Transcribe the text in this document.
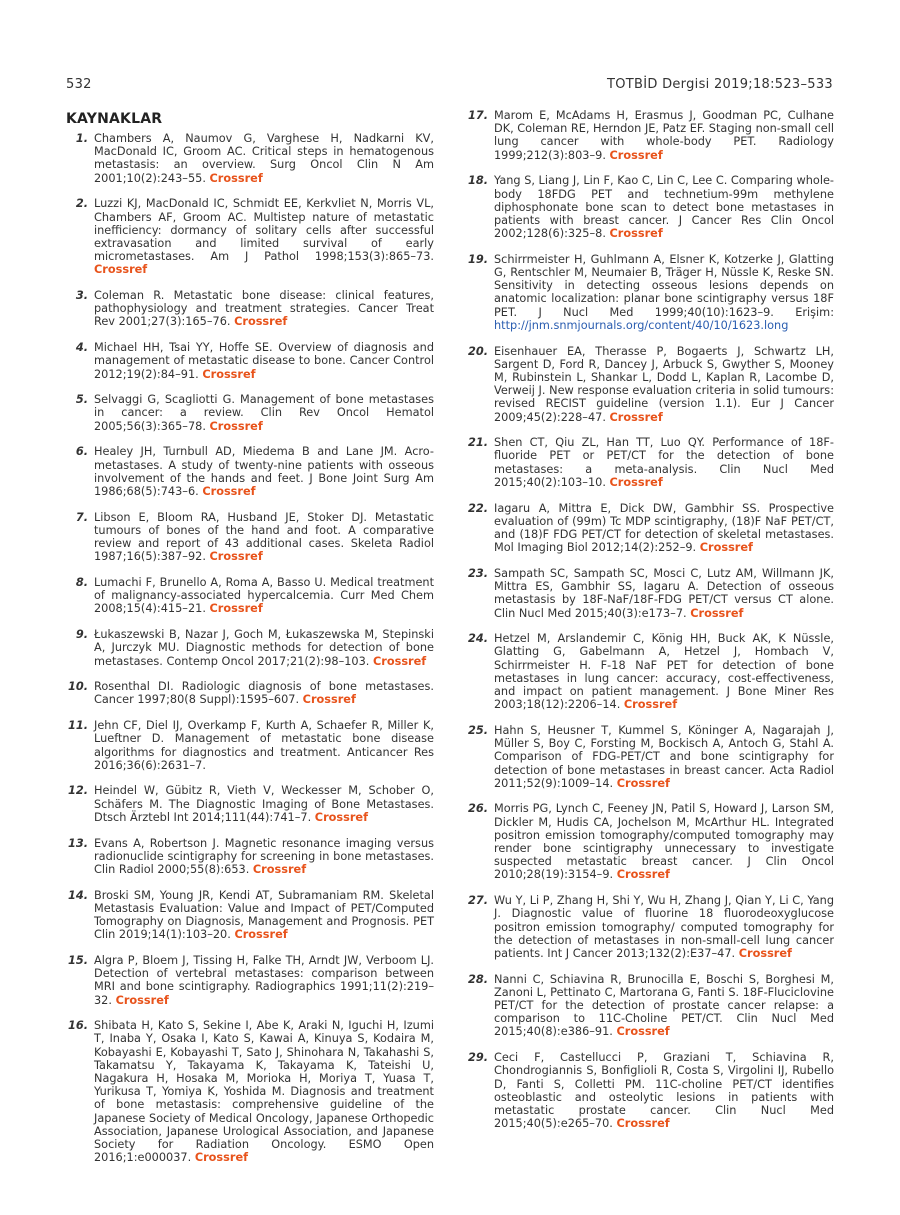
532	TOTBİD Dergisi 2019;18:523–533
KAYNAKLAR
1. Chambers A, Naumov G, Varghese H, Nadkarni KV, MacDonald IC, Groom AC. Critical steps in hematogenous metastasis: an overview. Surg Oncol Clin N Am 2001;10(2):243–55. Crossref
2. Luzzi KJ, MacDonald IC, Schmidt EE, Kerkvliet N, Morris VL, Chambers AF, Groom AC. Multistep nature of metastatic inefficiency: dormancy of solitary cells after successful extravasation and limited survival of early micrometastases. Am J Pathol 1998;153(3):865–73. Crossref
3. Coleman R. Metastatic bone disease: clinical features, pathophysiology and treatment strategies. Cancer Treat Rev 2001;27(3):165–76. Crossref
4. Michael HH, Tsai YY, Hoffe SE. Overview of diagnosis and management of metastatic disease to bone. Cancer Control 2012;19(2):84–91. Crossref
5. Selvaggi G, Scagliotti G. Management of bone metastases in cancer: a review. Clin Rev Oncol Hematol 2005;56(3):365–78. Crossref
6. Healey JH, Turnbull AD, Miedema B and Lane JM. Acro-metastases. A study of twenty-nine patients with osseous involvement of the hands and feet. J Bone Joint Surg Am 1986;68(5):743–6. Crossref
7. Libson E, Bloom RA, Husband JE, Stoker DJ. Metastatic tumours of bones of the hand and foot. A comparative review and report of 43 additional cases. Skeleta Radiol 1987;16(5):387–92. Crossref
8. Lumachi F, Brunello A, Roma A, Basso U. Medical treatment of malignancy-associated hypercalcemia. Curr Med Chem 2008;15(4):415–21. Crossref
9. Łukaszewski B, Nazar J, Goch M, Łukaszewska M, Stepinski A, Jurczyk MU. Diagnostic methods for detection of bone metastases. Contemp Oncol 2017;21(2):98–103. Crossref
10. Rosenthal DI. Radiologic diagnosis of bone metastases. Cancer 1997;80(8 Suppl):1595–607. Crossref
11. Jehn CF, Diel IJ, Overkamp F, Kurth A, Schaefer R, Miller K, Lueftner D. Management of metastatic bone disease algorithms for diagnostics and treatment. Anticancer Res 2016;36(6):2631–7.
12. Heindel W, Gübitz R, Vieth V, Weckesser M, Schober O, Schäfers M. The Diagnostic Imaging of Bone Metastases. Dtsch Ärztebl Int 2014;111(44):741–7. Crossref
13. Evans A, Robertson J. Magnetic resonance imaging versus radionuclide scintigraphy for screening in bone metastases. Clin Radiol 2000;55(8):653. Crossref
14. Broski SM, Young JR, Kendi AT, Subramaniam RM. Skeletal Metastasis Evaluation: Value and Impact of PET/Computed Tomography on Diagnosis, Management and Prognosis. PET Clin 2019;14(1):103–20. Crossref
15. Algra P, Bloem J, Tissing H, Falke TH, Arndt JW, Verboom LJ. Detection of vertebral metastases: comparison between MRI and bone scintigraphy. Radiographics 1991;11(2):219–32. Crossref
16. Shibata H, Kato S, Sekine I, Abe K, Araki N, Iguchi H, Izumi T, Inaba Y, Osaka I, Kato S, Kawai A, Kinuya S, Kodaira M, Kobayashi E, Kobayashi T, Sato J, Shinohara N, Takahashi S, Takamatsu Y, Takayama K, Takayama K, Tateishi U, Nagakura H, Hosaka M, Morioka H, Moriya T, Yuasa T, Yurikusa T, Yomiya K, Yoshida M. Diagnosis and treatment of bone metastasis: comprehensive guideline of the Japanese Society of Medical Oncology, Japanese Orthopedic Association, Japanese Urological Association, and Japanese Society for Radiation Oncology. ESMO Open 2016;1:e000037. Crossref
17. Marom E, McAdams H, Erasmus J, Goodman PC, Culhane DK, Coleman RE, Herndon JE, Patz EF. Staging non-small cell lung cancer with whole-body PET. Radiology 1999;212(3):803–9. Crossref
18. Yang S, Liang J, Lin F, Kao C, Lin C, Lee C. Comparing whole-body 18FDG PET and technetium-99m methylene diphosphonate bone scan to detect bone metastases in patients with breast cancer. J Cancer Res Clin Oncol 2002;128(6):325–8. Crossref
19. Schirrmeister H, Guhlmann A, Elsner K, Kotzerke J, Glatting G, Rentschler M, Neumaier B, Träger H, Nüssle K, Reske SN. Sensitivity in detecting osseous lesions depends on anatomic localization: planar bone scintigraphy versus 18F PET. J Nucl Med 1999;40(10):1623–9. Erişim: http://jnm.snmjournals.org/content/40/10/1623.long
20. Eisenhauer EA, Therasse P, Bogaerts J, Schwartz LH, Sargent D, Ford R, Dancey J, Arbuck S, Gwyther S, Mooney M, Rubinstein L, Shankar L, Dodd L, Kaplan R, Lacombe D, Verweij J. New response evaluation criteria in solid tumours: revised RECIST guideline (version 1.1). Eur J Cancer 2009;45(2):228–47. Crossref
21. Shen CT, Qiu ZL, Han TT, Luo QY. Performance of 18F-fluoride PET or PET/CT for the detection of bone metastases: a meta-analysis. Clin Nucl Med 2015;40(2):103–10. Crossref
22. Iagaru A, Mittra E, Dick DW, Gambhir SS. Prospective evaluation of (99m) Tc MDP scintigraphy, (18)F NaF PET/CT, and (18)F FDG PET/CT for detection of skeletal metastases. Mol Imaging Biol 2012;14(2):252–9. Crossref
23. Sampath SC, Sampath SC, Mosci C, Lutz AM, Willmann JK, Mittra ES, Gambhir SS, Iagaru A. Detection of osseous metastasis by 18F-NaF/18F-FDG PET/CT versus CT alone. Clin Nucl Med 2015;40(3):e173–7. Crossref
24. Hetzel M, Arslandemir C, König HH, Buck AK, K Nüssle, Glatting G, Gabelmann A, Hetzel J, Hombach V, Schirrmeister H. F-18 NaF PET for detection of bone metastases in lung cancer: accuracy, cost-effectiveness, and impact on patient management. J Bone Miner Res 2003;18(12):2206–14. Crossref
25. Hahn S, Heusner T, Kummel S, Köninger A, Nagarajah J, Müller S, Boy C, Forsting M, Bockisch A, Antoch G, Stahl A. Comparison of FDG-PET/CT and bone scintigraphy for detection of bone metastases in breast cancer. Acta Radiol 2011;52(9):1009–14. Crossref
26. Morris PG, Lynch C, Feeney JN, Patil S, Howard J, Larson SM, Dickler M, Hudis CA, Jochelson M, McArthur HL. Integrated positron emission tomography/computed tomography may render bone scintigraphy unnecessary to investigate suspected metastatic breast cancer. J Clin Oncol 2010;28(19):3154–9. Crossref
27. Wu Y, Li P, Zhang H, Shi Y, Wu H, Zhang J, Qian Y, Li C, Yang J. Diagnostic value of fluorine 18 fluorodeoxyglucose positron emission tomography/ computed tomography for the detection of metastases in non-small-cell lung cancer patients. Int J Cancer 2013;132(2):E37–47. Crossref
28. Nanni C, Schiavina R, Brunocilla E, Boschi S, Borghesi M, Zanoni L, Pettinato C, Martorana G, Fanti S. 18F-Fluciclovine PET/CT for the detection of prostate cancer relapse: a comparison to 11C-Choline PET/CT. Clin Nucl Med 2015;40(8):e386–91. Crossref
29. Ceci F, Castellucci P, Graziani T, Schiavina R, Chondrogiannis S, Bonfiglioli R, Costa S, Virgolini IJ, Rubello D, Fanti S, Colletti PM. 11C-choline PET/CT identifies osteoblastic and osteolytic lesions in patients with metastatic prostate cancer. Clin Nucl Med 2015;40(5):e265–70. Crossref
